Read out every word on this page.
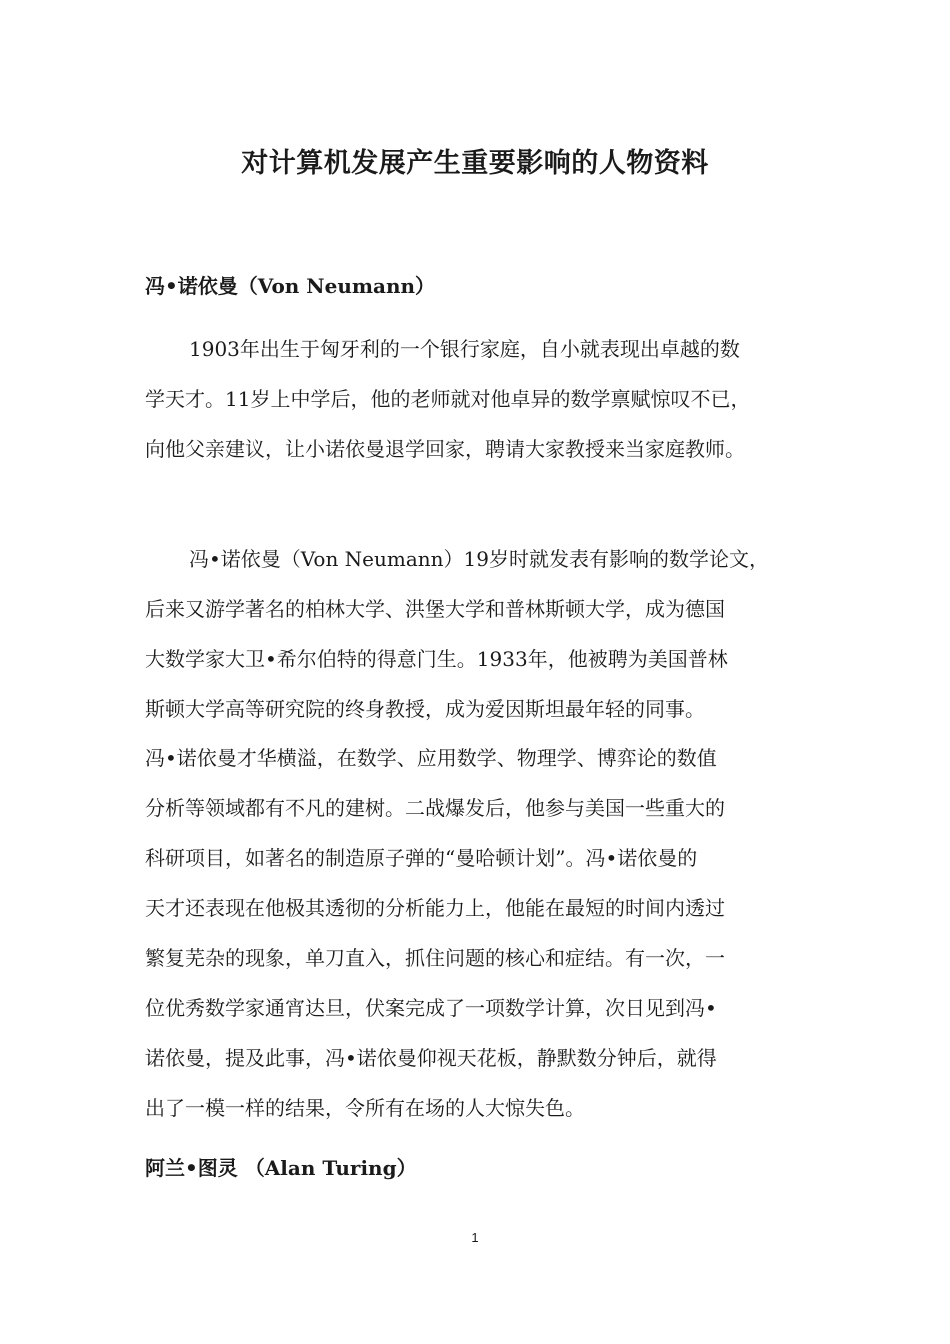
对计算机发展产生重要影响的人物资料
冯•诺依曼（Von Neumann）
1903年出生于匈牙利的一个银行家庭，自小就表现出卓越的数
学天才。11岁上中学后，他的老师就对他卓异的数学禀赋惊叹不已，
向他父亲建议，让小诺依曼退学回家，聘请大家教授来当家庭教师。
冯•诺依曼（Von Neumann）19岁时就发表有影响的数学论文，
后来又游学著名的柏林大学、洪堡大学和普林斯顿大学，成为德国
大数学家大卫•希尔伯特的得意门生。1933年，他被聘为美国普林
斯顿大学高等研究院的终身教授，成为爱因斯坦最年轻的同事。
冯•诺依曼才华横溢，在数学、应用数学、物理学、博弈论的数值
分析等领域都有不凡的建树。二战爆发后，他参与美国一些重大的
科研项目，如著名的制造原子弹的“曼哈顿计划”。冯•诺依曼的
天才还表现在他极其透彻的分析能力上，他能在最短的时间内透过
繁复芜杂的现象，单刀直入，抓住问题的核心和症结。有一次，一
位优秀数学家通宵达旦，伏案完成了一项数学计算，次日见到冯•
诺依曼，提及此事，冯•诺依曼仰视天花板，静默数分钟后，就得
出了一模一样的结果，令所有在场的人大惊失色。
阿兰•图灵 （Alan Turing）
1
